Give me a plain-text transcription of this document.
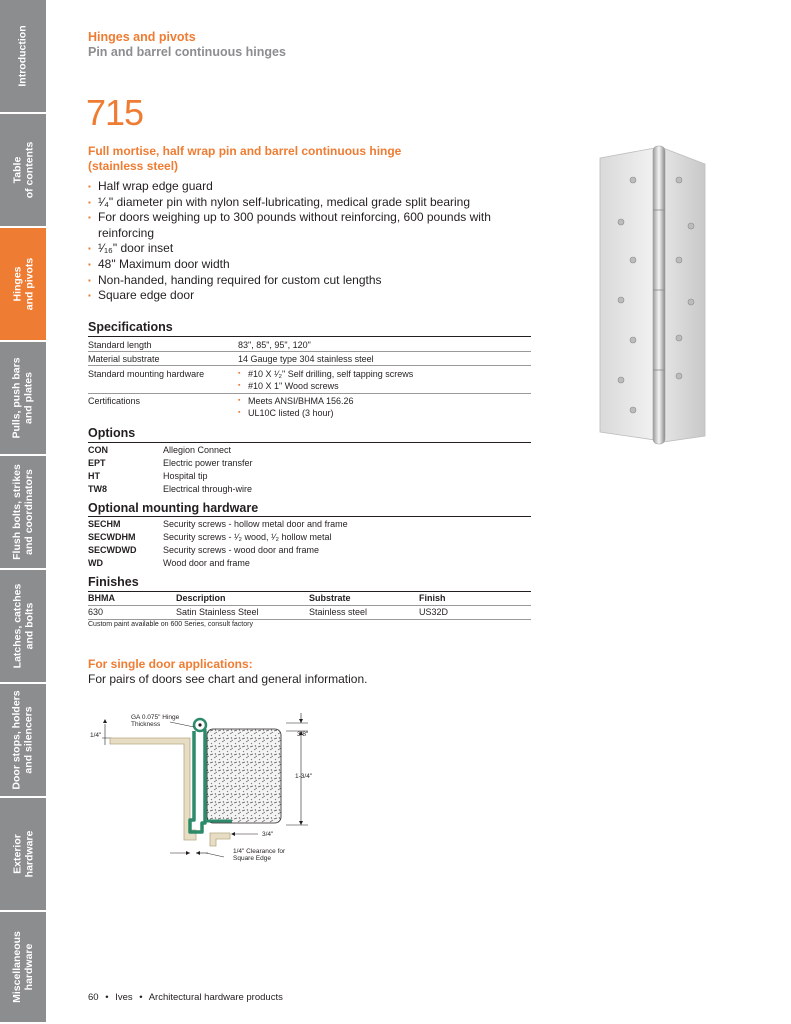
Introduction
Table
of contents
Hinges
and pivots
Pulls, push bars
and plates
Flush bolts, strikes
and coordinators
Latches, catches
and bolts
Door stops, holders
and silencers
Exterior
hardware
Miscellaneous
hardware
Hinges and pivots
Pin and barrel continuous hinges
715
Full mortise, half wrap pin and barrel continuous hinge (stainless steel)
▪ Half wrap edge guard
▪ ¹⁄₄" diameter pin with nylon self-lubricating, medical grade split bearing
▪ For doors weighing up to 300 pounds without reinforcing, 600 pounds with reinforcing
▪ ¹⁄₁₆" door inset
▪ 48" Maximum door width
▪ Non-handed, handing required for custom cut lengths
▪ Square edge door
Specifications
Standard length	83", 85", 95", 120"
Material substrate	14 Gauge type 304 stainless steel
Standard mounting hardware	▪ #10 X ¹⁄₂" Self drilling, self tapping screws
▪ #10 X 1" Wood screws
Certifications	▪ Meets ANSI/BHMA 156.26
▪ UL10C listed (3 hour)
Options
CON	Allegion Connect
EPT	Electric power transfer
HT	Hospital tip
TW8	Electrical through-wire
Optional mounting hardware
SECHM	Security screws - hollow metal door and frame
SECWDHM	Security screws - ¹⁄₂ wood, ¹⁄₂ hollow metal
SECWDWD	Security screws - wood door and frame
WD	Wood door and frame
Finishes
BHMA	Description	Substrate	Finish
630	Satin Stainless Steel	Stainless steel	US32D
Custom paint available on 600 Series, consult factory
For single door applications:
For pairs of doors see chart and general information.
GA 0.075" Hinge
Thickness
1/4"	3/8"
1-3/4"
3/4"
1/4" Clearance for
Square Edge
60 • Ives • Architectural hardware products
